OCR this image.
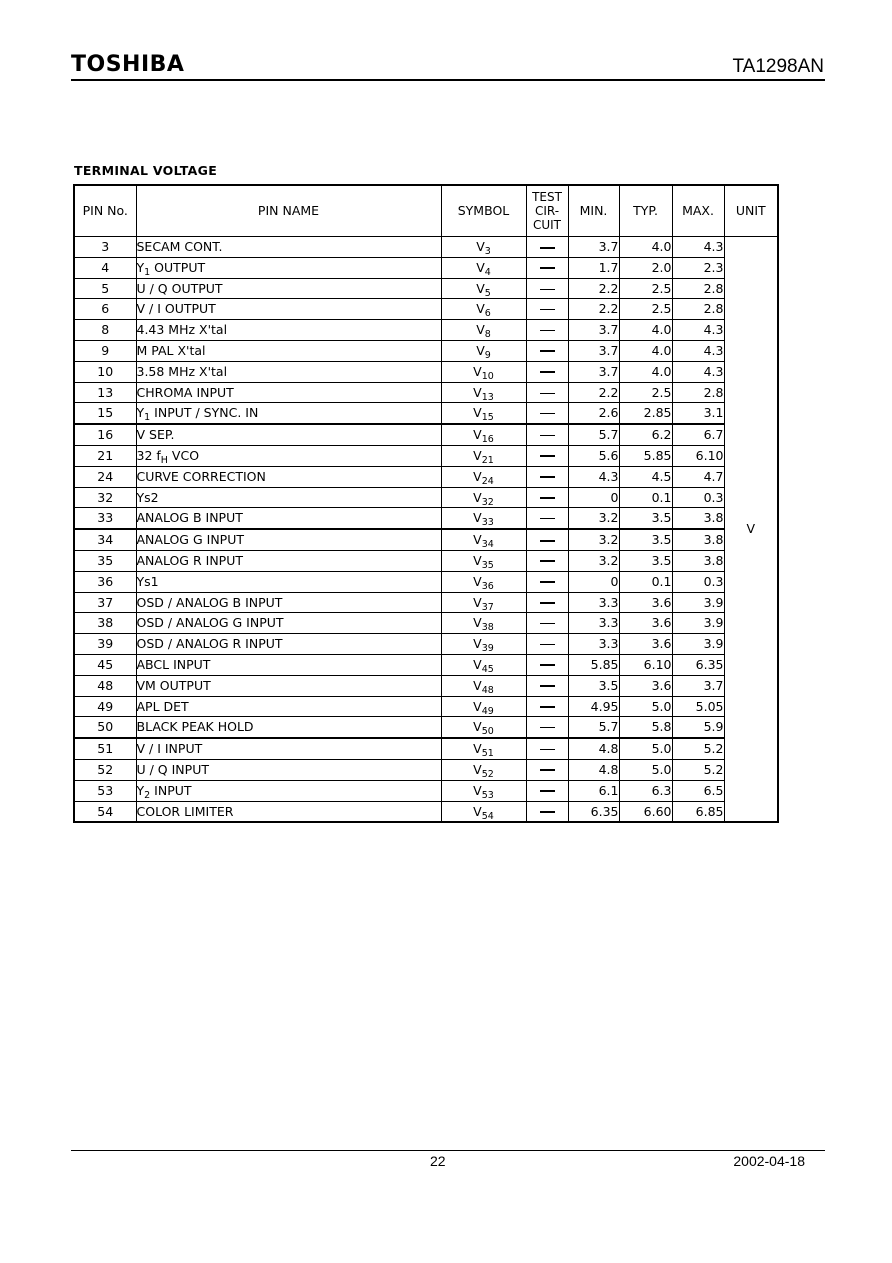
TOSHIBA	TA1298AN
TERMINAL VOLTAGE
PIN No.	PIN NAME	SYMBOL	TEST
CIR-
CUIT	MIN.	TYP.	MAX.	UNIT
3	SECAM CONT.	$V_3$		3.7	4.0	4.3	V
4	$Y_1$ OUTPUT	$V_4$		1.7	2.0	2.3	
5	U / Q OUTPUT	$V_5$		2.2	2.5	2.8	
6	V / I OUTPUT	$V_6$		2.2	2.5	2.8	
8	4.43 MHz X'tal	$V_8$		3.7	4.0	4.3	
9	M PAL X'tal	$V_9$		3.7	4.0	4.3	
10	3.58 MHz X'tal	$V_{10}$		3.7	4.0	4.3	
13	CHROMA INPUT	$V_{13}$		2.2	2.5	2.8	
15	$Y_1$ INPUT / SYNC. IN	$V_{15}$		2.6	2.85	3.1	
16	V SEP.	$V_{16}$		5.7	6.2	6.7	
21	32 $f_H$ VCO	$V_{21}$		5.6	5.85	6.10	
24	CURVE CORRECTION	$V_{24}$		4.3	4.5	4.7	
32	Ys2	$V_{32}$		0	0.1	0.3	
33	ANALOG B INPUT	$V_{33}$		3.2	3.5	3.8	
34	ANALOG G INPUT	$V_{34}$		3.2	3.5	3.8	
35	ANALOG R INPUT	$V_{35}$		3.2	3.5	3.8	
36	Ys1	$V_{36}$		0	0.1	0.3	
37	OSD / ANALOG B INPUT	$V_{37}$		3.3	3.6	3.9	
38	OSD / ANALOG G INPUT	$V_{38}$		3.3	3.6	3.9	
39	OSD / ANALOG R INPUT	$V_{39}$		3.3	3.6	3.9	
45	ABCL INPUT	$V_{45}$		5.85	6.10	6.35	
48	VM OUTPUT	$V_{48}$		3.5	3.6	3.7	
49	APL DET	$V_{49}$		4.95	5.0	5.05	
50	BLACK PEAK HOLD	$V_{50}$		5.7	5.8	5.9	
51	V / I INPUT	$V_{51}$		4.8	5.0	5.2	
52	U / Q INPUT	$V_{52}$		4.8	5.0	5.2	
53	$Y_2$ INPUT	$V_{53}$		6.1	6.3	6.5	
54	COLOR LIMITER	$V_{54}$		6.35	6.60	6.85	
22	2002-04-18
